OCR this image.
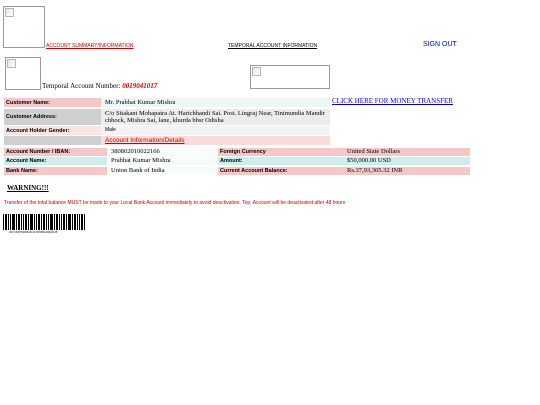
ACCOUNT SUMMARY/INFORMATION	TEMPORAL ACCOUNT INFORMATION	SIGN OUT
Temporal Account Number: 0019041017
Customer Name:	Mr. Prabhat Kumar Mishra	CLICK HERE FOR MONEY TRANSFER
Customer Address:
C/o Sitakant Mohapatra At. Harichhandi Sai. Post. Lingraj Near, Tinimundia Mandir chhock, Mishra Sai, lane, khurda bbsr Odisha
Account Holder Gender:	Male
Account Information/Details
Account Number / IBAN:	380802010022166	Foreign Currency	United State Dollars
Account Name:	Prabhat Kumar Mishra	Amount:	$50,000.00 USD
Bank Name:	Union Bank of India	Current Account Balance:	Rs.37,93,365.32 INR
WARNING!!!
Transfer of the total balance MUST be made to your Local Bank Account immediately to avoid deactivation. Tep. Account will be deactivated after 48 hours
J6071383760006201017435HFAC8226105
